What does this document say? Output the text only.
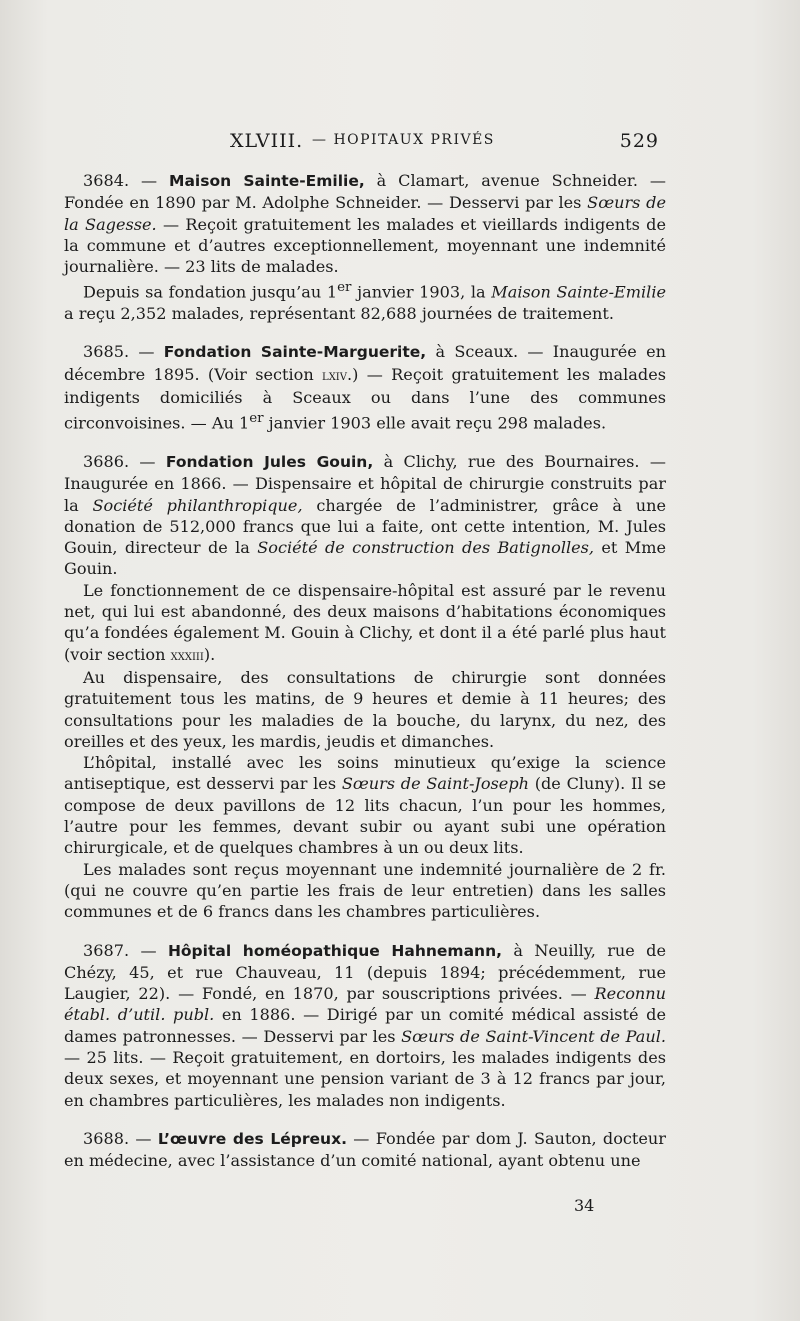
XLVIII. — HOPITAUX PRIVÉS	529

3684. — Maison Sainte-Emilie, à Clamart, avenue Schneider. — Fondée en 1890 par M. Adolphe Schneider. — Desservi par les Sœurs de la Sagesse. — Reçoit gratuitement les malades et vieillards indigents de la commune et d’autres exceptionnellement, moyennant une indemnité journalière. — 23 lits de malades.

Depuis sa fondation jusqu’au 1er janvier 1903, la Maison Sainte-Emilie a reçu 2,352 malades, représentant 82,688 journées de traitement.

3685. — Fondation Sainte-Marguerite, à Sceaux. — Inaugurée en décembre 1895. (Voir section lxiv.) — Reçoit gratuitement les malades indigents domiciliés à Sceaux ou dans l’une des communes circonvoisines. — Au 1er janvier 1903 elle avait reçu 298 malades.

3686. — Fondation Jules Gouin, à Clichy, rue des Bournaires. — Inaugurée en 1866. — Dispensaire et hôpital de chirurgie construits par la Société philanthropique, chargée de l’administrer, grâce à une donation de 512,000 francs que lui a faite, ont cette intention, M. Jules Gouin, directeur de la Société de construction des Batignolles, et Mme Gouin.

Le fonctionnement de ce dispensaire-hôpital est assuré par le revenu net, qui lui est abandonné, des deux maisons d’habitations économiques qu’a fondées également M. Gouin à Clichy, et dont il a été parlé plus haut (voir section xxxiii).

Au dispensaire, des consultations de chirurgie sont données gratuitement tous les matins, de 9 heures et demie à 11 heures; des consultations pour les maladies de la bouche, du larynx, du nez, des oreilles et des yeux, les mardis, jeudis et dimanches.

L’hôpital, installé avec les soins minutieux qu’exige la science antiseptique, est desservi par les Sœurs de Saint-Joseph (de Cluny). Il se compose de deux pavillons de 12 lits chacun, l’un pour les hommes, l’autre pour les femmes, devant subir ou ayant subi une opération chirurgicale, et de quelques chambres à un ou deux lits.

Les malades sont reçus moyennant une indemnité journalière de 2 fr. (qui ne couvre qu’en partie les frais de leur entretien) dans les salles communes et de 6 francs dans les chambres particulières.

3687. — Hôpital homéopathique Hahnemann, à Neuilly, rue de Chézy, 45, et rue Chauveau, 11 (depuis 1894; précédemment, rue Laugier, 22). — Fondé, en 1870, par souscriptions privées. — Reconnu établ. d’util. publ. en 1886. — Dirigé par un comité médical assisté de dames patronnesses. — Desservi par les Sœurs de Saint-Vincent de Paul. — 25 lits. — Reçoit gratuitement, en dortoirs, les malades indigents des deux sexes, et moyennant une pension variant de 3 à 12 francs par jour, en chambres particulières, les malades non indigents.

3688. — L’œuvre des Lépreux. — Fondée par dom J. Sauton, docteur en médecine, avec l’assistance d’un comité national, ayant obtenu une

34
